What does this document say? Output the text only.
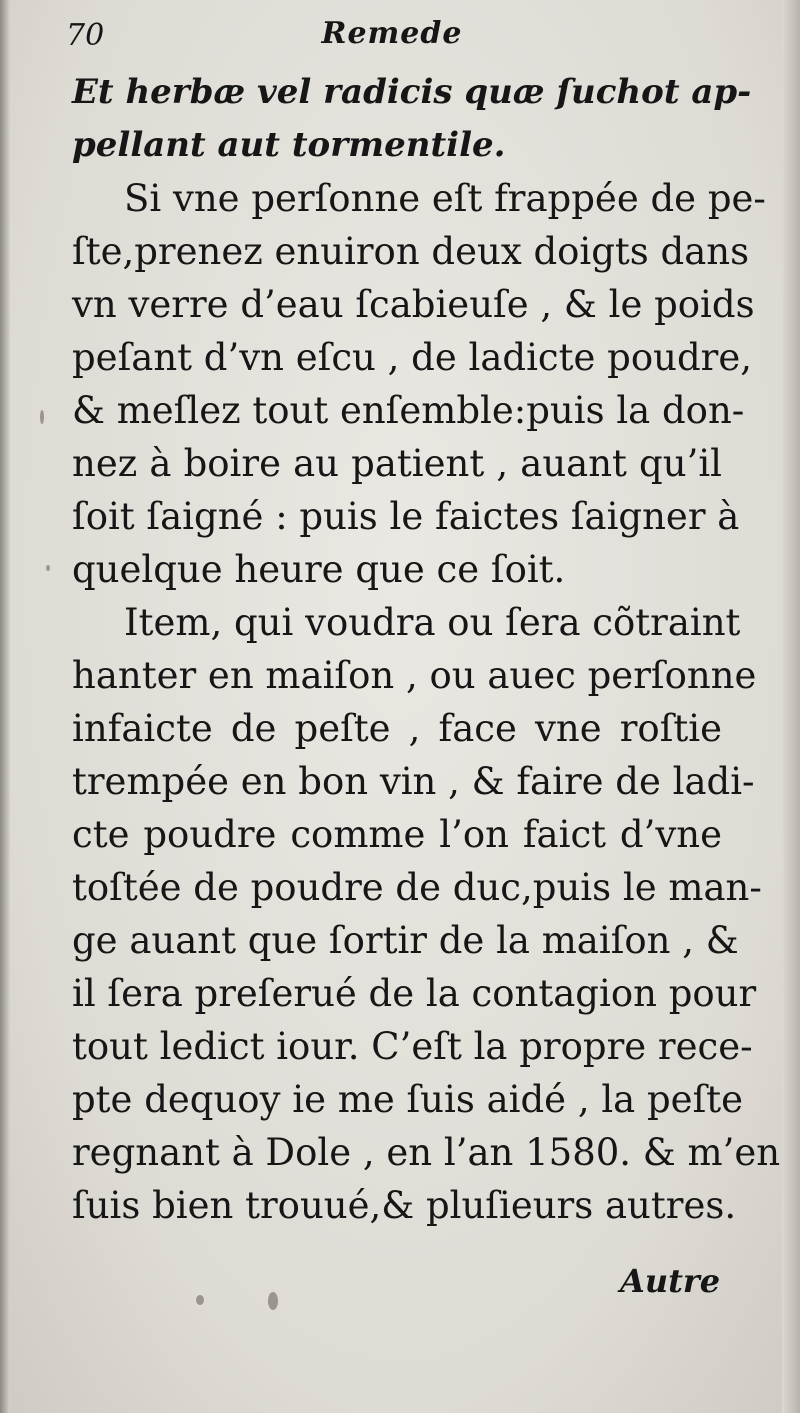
70	Remede
Et herbæ vel radicis quæ ſuchot ap-
pellant aut tormentile.
Si vne perſonne eſt frappée de pe-
ſte,prenez enuiron deux doigts dans
vn verre d’eau ſcabieuſe , & le poids
peſant d’vn eſcu , de ladicte poudre,
& meſlez tout enſemble:puis la don-
nez à boire au patient , auant qu’il
ſoit ſaigné : puis le faictes ſaigner à
quelque heure que ce ſoit.
Item, qui voudra ou ſera cõtraint
hanter en maiſon , ou auec perſonne
infaicte de peſte , face vne roſtie
trempée en bon vin , & faire de ladi-
cte poudre comme l’on faict d’vne
toſtée de poudre de duc,puis le man-
ge auant que ſortir de la maiſon , &
il ſera preſerué de la contagion pour
tout ledict iour. C’eſt la propre rece-
pte dequoy ie me ſuis aidé , la peſte
regnant à Dole , en l’an 1580. & m’en
ſuis bien trouué,& pluſieurs autres.
Autre
